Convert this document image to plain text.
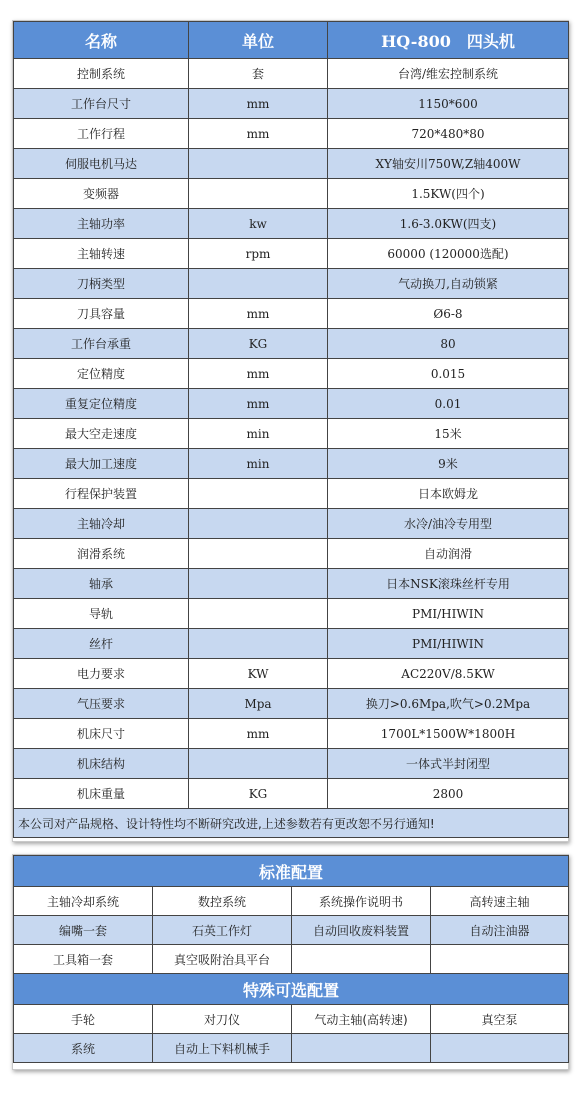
名称	单位	HQ-800　四头机
控制系统	套	台湾/维宏控制系统
工作台尺寸	mm	1150*600
工作行程	mm	720*480*80
伺服电机马达		XY轴安川750W,Z轴400W
变频器		1.5KW(四个)
主轴功率	kw	1.6-3.0KW(四支)
主轴转速	rpm	60000 (120000选配)
刀柄类型		气动换刀,自动锁紧
刀具容量	mm	Ø6-8
工作台承重	KG	80
定位精度	mm	0.015
重复定位精度	mm	0.01
最大空走速度	min	15米
最大加工速度	min	9米
行程保护装置		日本欧姆龙
主轴冷却		水冷/油冷专用型
润滑系统		自动润滑
轴承		日本NSK滚珠丝杆专用
导轨		PMI/HIWIN
丝杆		PMI/HIWIN
电力要求	KW	AC220V/8.5KW
气压要求	Mpa	换刀>0.6Mpa,吹气>0.2Mpa
机床尺寸	mm	1700L*1500W*1800H
机床结构		一体式半封闭型
机床重量	KG	2800
本公司对产品规格、设计特性均不断研究改进,上述参数若有更改恕不另行通知!		
标准配置			
主轴冷却系统	数控系统	系统操作说明书	高转速主轴
编嘴一套	石英工作灯	自动回收废料装置	自动注油器
工具箱一套	真空吸附治具平台		
特殊可选配置			
手轮	对刀仪	气动主轴(高转速)	真空泵
系统	自动上下料机械手		
